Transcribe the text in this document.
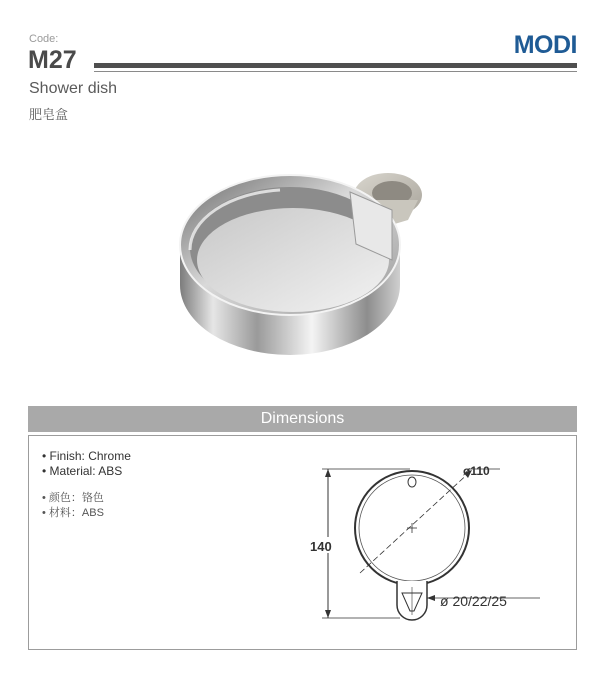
Code:
M27
MODI
Shower dish
肥皂盒
Dimensions
• Finish: Chrome
• Material: ABS
• 颜色：铬色
• 材料：ABS
140
ø110
ø 20/22/25
